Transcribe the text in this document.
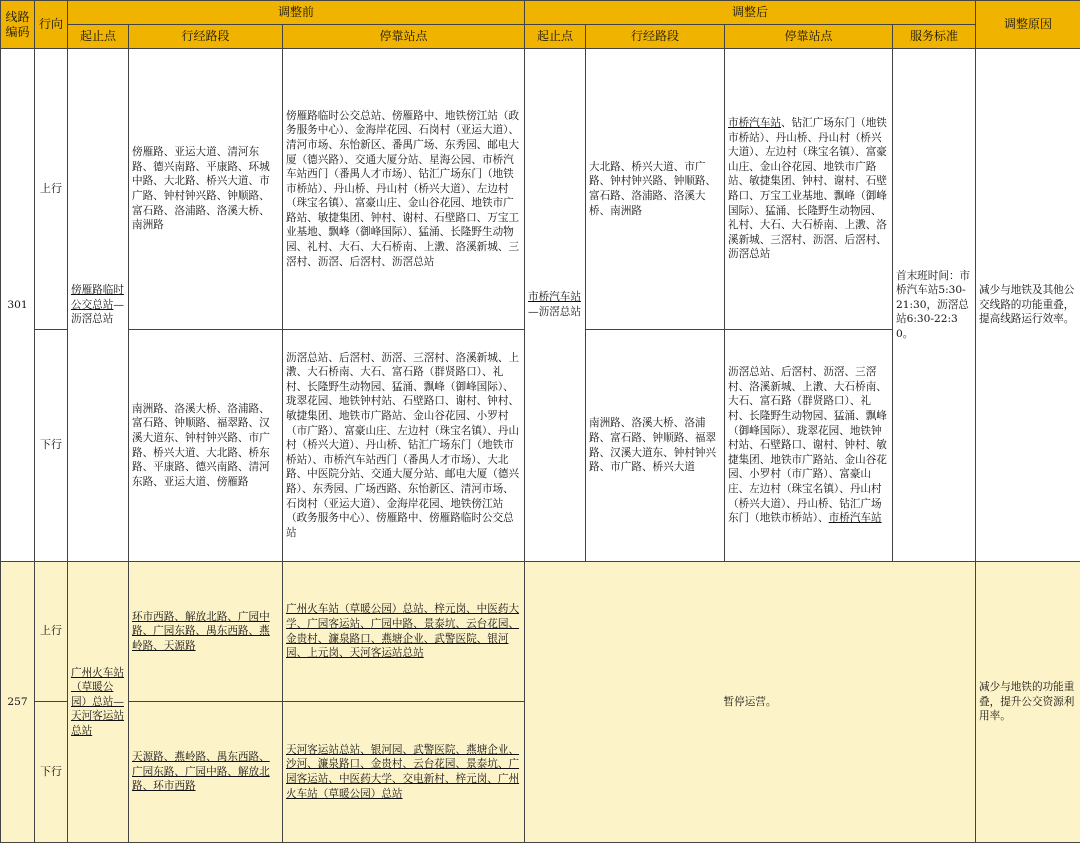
线路编码	行向	调整前			调整后				调整原因
		起止点	行经路段	停靠站点	起止点	行经路段	停靠站点	服务标准	
301	上行	傍雁路临时公交总站—沥滘总站	傍雁路、亚运大道、清河东路、德兴南路、平康路、环城中路、大北路、桥兴大道、市广路、钟村钟兴路、钟顺路、富石路、洛浦路、洛溪大桥、南洲路	傍雁路临时公交总站、傍雁路中、地铁傍江站（政务服务中心）、金海岸花园、石岗村（亚运大道）、清河市场、东怡新区、番禺广场、东秀园、邮电大厦（德兴路）、交通大厦分站、星海公园、市桥汽车站西门（番禺人才市场）、钻汇广场东门（地铁市桥站）、丹山桥、丹山村（桥兴大道）、左边村（珠宝名镇）、富豪山庄、金山谷花园、地铁市广路站、敏捷集团、钟村、谢村、石壁路口、万宝工业基地、飘峰（御峰国际）、猛涌、长隆野生动物园、礼村、大石、大石桥南、上漖、洛溪新城、三滘村、沥滘、后滘村、沥滘总站	市桥汽车站—沥滘总站	大北路、桥兴大道、市广路、钟村钟兴路、钟顺路、富石路、洛浦路、洛溪大桥、南洲路	市桥汽车站、钻汇广场东门（地铁市桥站）、丹山桥、丹山村（桥兴大道）、左边村（珠宝名镇）、富豪山庄、金山谷花园、地铁市广路站、敏捷集团、钟村、谢村、石壁路口、万宝工业基地、飘峰（御峰国际）、猛涌、长隆野生动物园、礼村、大石、大石桥南、上漖、洛溪新城、三滘村、沥滘、后滘村、沥滘总站	首末班时间：市桥汽车站5:30-21:30，沥滘总站6:30-22:30。	减少与地铁及其他公交线路的功能重叠，提高线路运行效率。
	下行		南洲路、洛溪大桥、洛浦路、富石路、钟顺路、福翠路、汉溪大道东、钟村钟兴路、市广路、桥兴大道、大北路、桥东路、平康路、德兴南路、清河东路、亚运大道、傍雁路	沥滘总站、后滘村、沥滘、三滘村、洛溪新城、上漖、大石桥南、大石、富石路（群贤路口）、礼村、长隆野生动物园、猛涌、飘峰（御峰国际）、珑翠花园、地铁钟村站、石壁路口、谢村、钟村、敏捷集团、地铁市广路站、金山谷花园、小罗村（市广路）、富豪山庄、左边村（珠宝名镇）、丹山村（桥兴大道）、丹山桥、钻汇广场东门（地铁市桥站）、市桥汽车站西门（番禺人才市场）、大北路、中医院分站、交通大厦分站、邮电大厦（德兴路）、东秀园、广场西路、东怡新区、清河市场、石岗村（亚运大道）、金海岸花园、地铁傍江站（政务服务中心）、傍雁路中、傍雁路临时公交总站		南洲路、洛溪大桥、洛浦路、富石路、钟顺路、福翠路、汉溪大道东、钟村钟兴路、市广路、桥兴大道	沥滘总站、后滘村、沥滘、三滘村、洛溪新城、上漖、大石桥南、大石、富石路（群贤路口）、礼村、长隆野生动物园、猛涌、飘峰（御峰国际）、珑翠花园、地铁钟村站、石壁路口、谢村、钟村、敏捷集团、地铁市广路站、金山谷花园、小罗村（市广路）、富豪山庄、左边村（珠宝名镇）、丹山村（桥兴大道）、丹山桥、钻汇广场东门（地铁市桥站）、市桥汽车站		
257	上行	广州火车站（草暖公园）总站—天河客运站总站	环市西路、解放北路、广园中路、广园东路、禺东西路、燕岭路、天源路	广州火车站（草暖公园）总站、梓元岗、中医药大学、广园客运站、广园中路、景泰坑、云台花园、金贵村、濂泉路口、燕塘企业、武警医院、银河园、上元岗、天河客运站总站	暂停运营。				减少与地铁的功能重叠，提升公交资源利用率。
	下行		天源路、燕岭路、禺东西路、广园东路、广园中路、解放北路、环市西路	天河客运站总站、银河园、武警医院、燕塘企业、沙河、濂泉路口、金贵村、云台花园、景泰坑、广园客运站、中医药大学、交电新村、梓元岗、广州火车站（草暖公园）总站					
